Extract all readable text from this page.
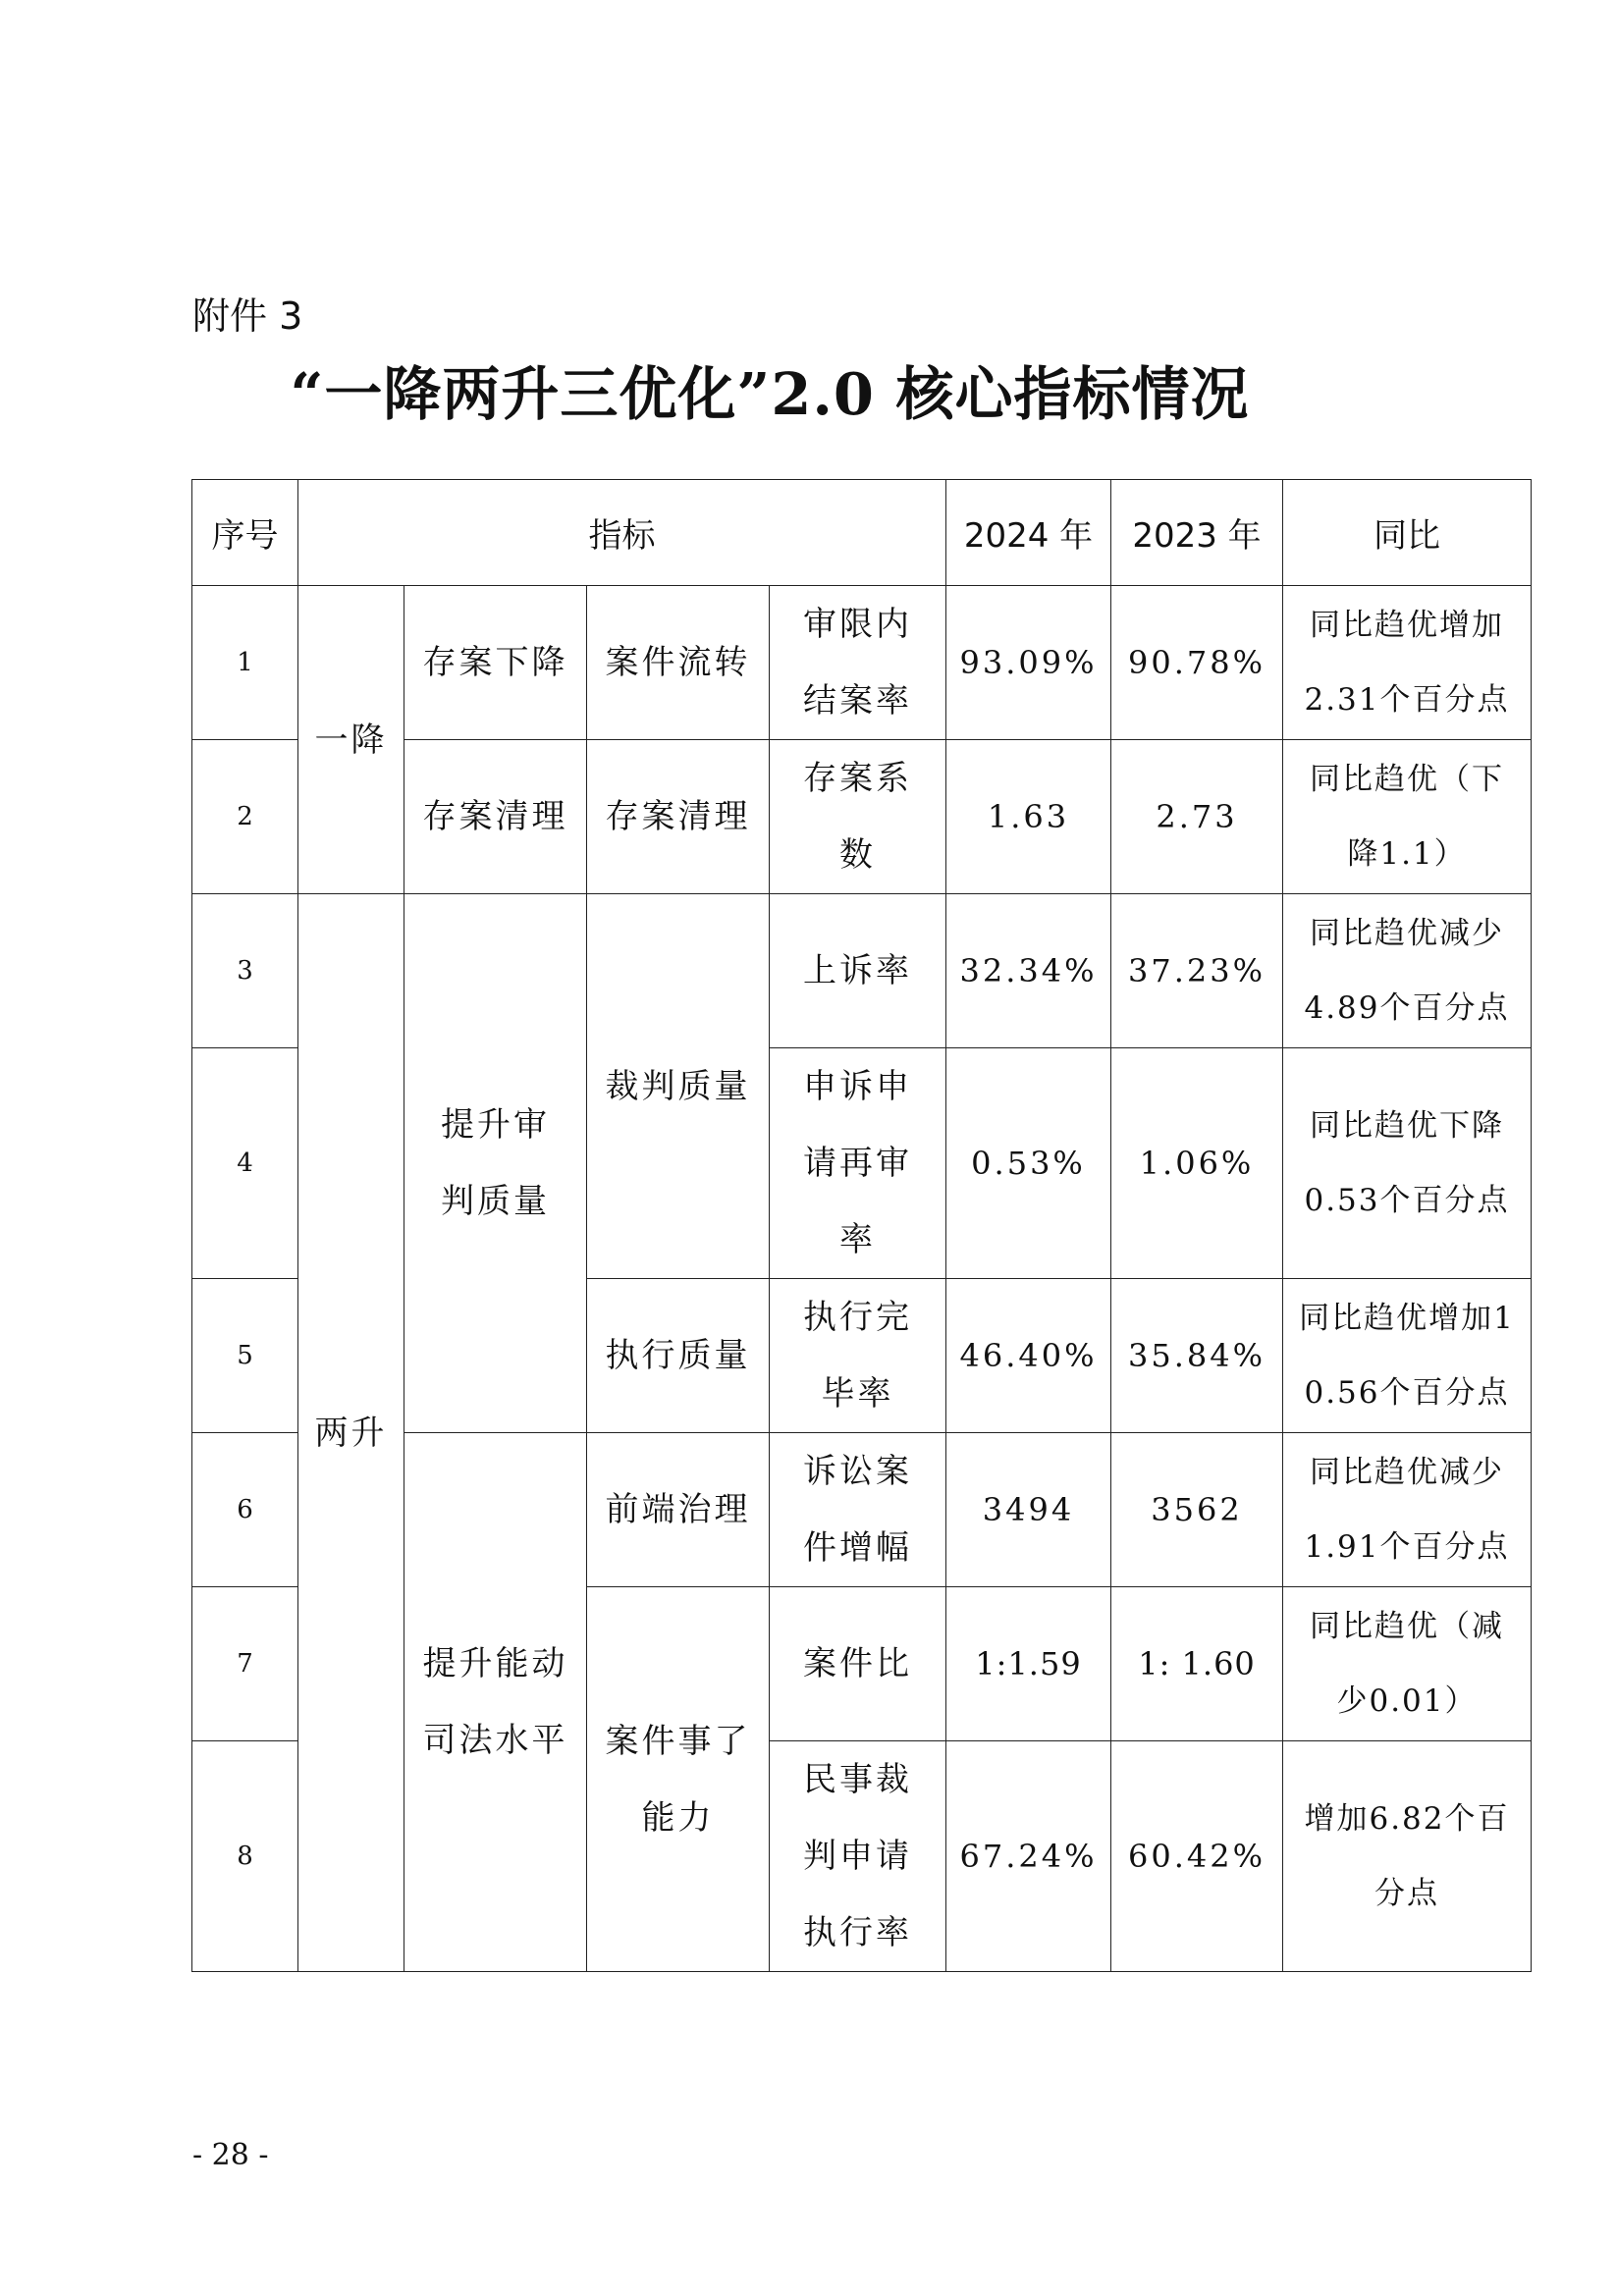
附件 3
“一降两升三优化”2.0 核心指标情况
序号	指标				2024 年	2023 年	同比
1	一降	存案下降	案件流转	审限内结案率	93.09%	90.78%	同比趋优增加2.31个百分点
2		存案清理	存案清理	存案系数	1.63	2.73	同比趋优（下降1.1）
3	两升	提升审判质量	裁判质量	上诉率	32.34%	37.23%	同比趋优减少4.89个百分点
4				申诉申请再审率	0.53%	1.06%	同比趋优下降0.53个百分点
5			执行质量	执行完毕率	46.40%	35.84%	同比趋优增加10.56个百分点
6		提升能动司法水平	前端治理	诉讼案件增幅	3494	3562	同比趋优减少1.91个百分点
7			案件事了能力	案件比	1:1.59	1: 1.60	同比趋优（减少0.01）
8				民事裁判申请执行率	67.24%	60.42%	增加6.82个百分点
- 28 -
